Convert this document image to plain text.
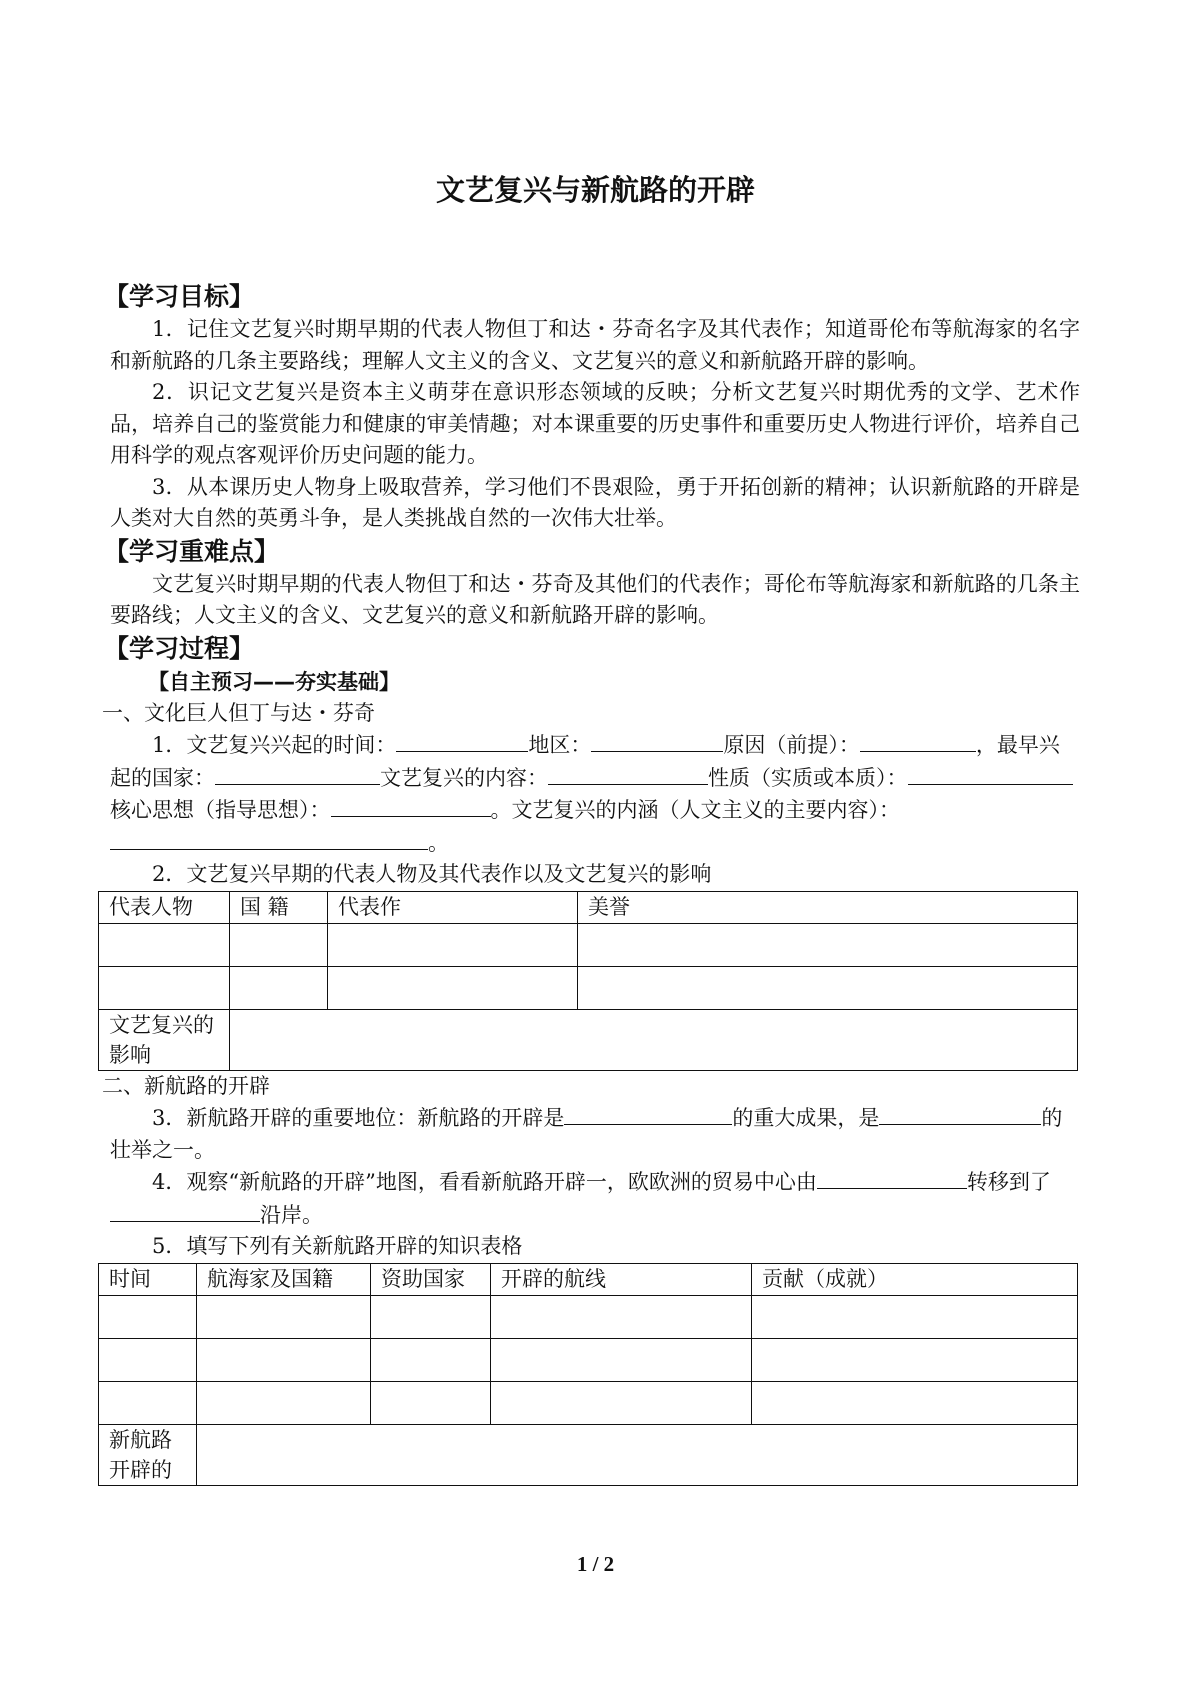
文艺复兴与新航路的开辟
【学习目标】

1．记住文艺复兴时期早期的代表人物但丁和达・芬奇名字及其代表作；知道哥伦布等航海家的名字和新航路的几条主要路线；理解人文主义的含义、文艺复兴的意义和新航路开辟的影响。

2．识记文艺复兴是资本主义萌芽在意识形态领域的反映；分析文艺复兴时期优秀的文学、艺术作品，培养自己的鉴赏能力和健康的审美情趣；对本课重要的历史事件和重要历史人物进行评价，培养自己用科学的观点客观评价历史问题的能力。

3．从本课历史人物身上吸取营养，学习他们不畏艰险，勇于开拓创新的精神；认识新航路的开辟是人类对大自然的英勇斗争，是人类挑战自然的一次伟大壮举。

【学习重难点】

文艺复兴时期早期的代表人物但丁和达・芬奇及其他们的代表作；哥伦布等航海家和新航路的几条主要路线；人文主义的含义、文艺复兴的意义和新航路开辟的影响。

【学习过程】
【自主预习——夯实基础】

一、文化巨人但丁与达・芬奇

1．文艺复兴兴起的时间：	地区：	原因（前提）：	，最早兴起的国家：	文艺复兴的内容：	性质（实质或本质）：核心思想（指导思想）：	。文艺复兴的内涵（人文主义的主要内容）：。

2．文艺复兴早期的代表人物及其代表作以及文艺复兴的影响

代表人物	国 籍	代表作	美誉

文艺复兴的影响			

二、新航路的开辟

3．新航路开辟的重要地位：新航路的开辟是	的重大成果，是	的壮举之一。

4．观察“新航路的开辟”地图，看看新航路开辟一，欧欧洲的贸易中心由	转移到了沿岸。

5．填写下列有关新航路开辟的知识表格

时间	航海家及国籍	资助国家	开辟的航线	贡献（成就）

新航路开辟的				
1 / 2
